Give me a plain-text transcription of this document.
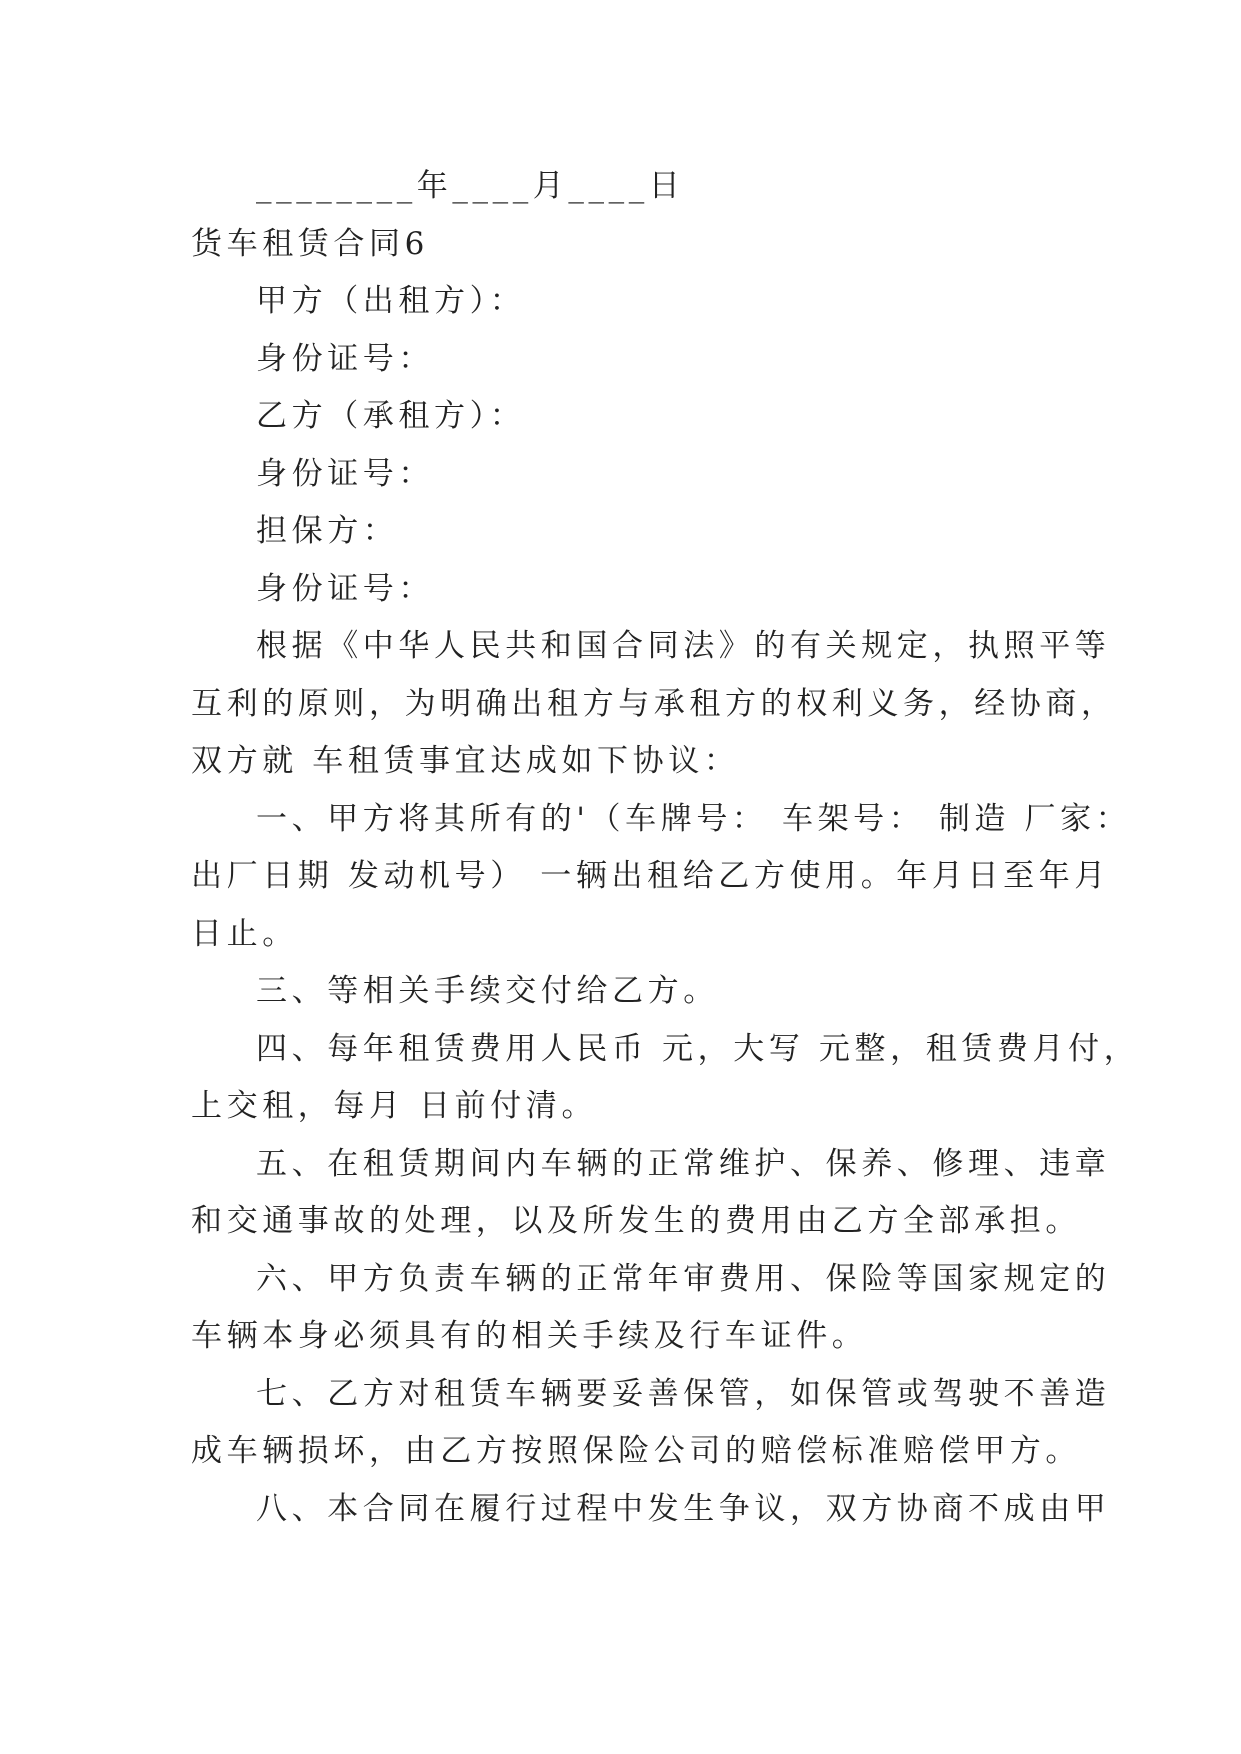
________年____月____日
货车租赁合同6
甲方（出租方）：
身份证号：
乙方（承租方）：
身份证号：
担保方：
身份证号：
根据《中华人民共和国合同法》的有关规定，执照平等
互利的原则，为明确出租方与承租方的权利义务，经协商，
双方就 车租赁事宜达成如下协议：
一、甲方将其所有的'（车牌号： 车架号： 制造 厂家：
出厂日期 发动机号） 一辆出租给乙方使用。年月日至年月
日止。
三、等相关手续交付给乙方。
四、每年租赁费用人民币 元，大写 元整，租赁费月付，
上交租，每月 日前付清。
五、在租赁期间内车辆的正常维护、保养、修理、违章
和交通事故的处理，以及所发生的费用由乙方全部承担。
六、甲方负责车辆的正常年审费用、保险等国家规定的
车辆本身必须具有的相关手续及行车证件。
七、乙方对租赁车辆要妥善保管，如保管或驾驶不善造
成车辆损坏，由乙方按照保险公司的赔偿标准赔偿甲方。
八、本合同在履行过程中发生争议，双方协商不成由甲
